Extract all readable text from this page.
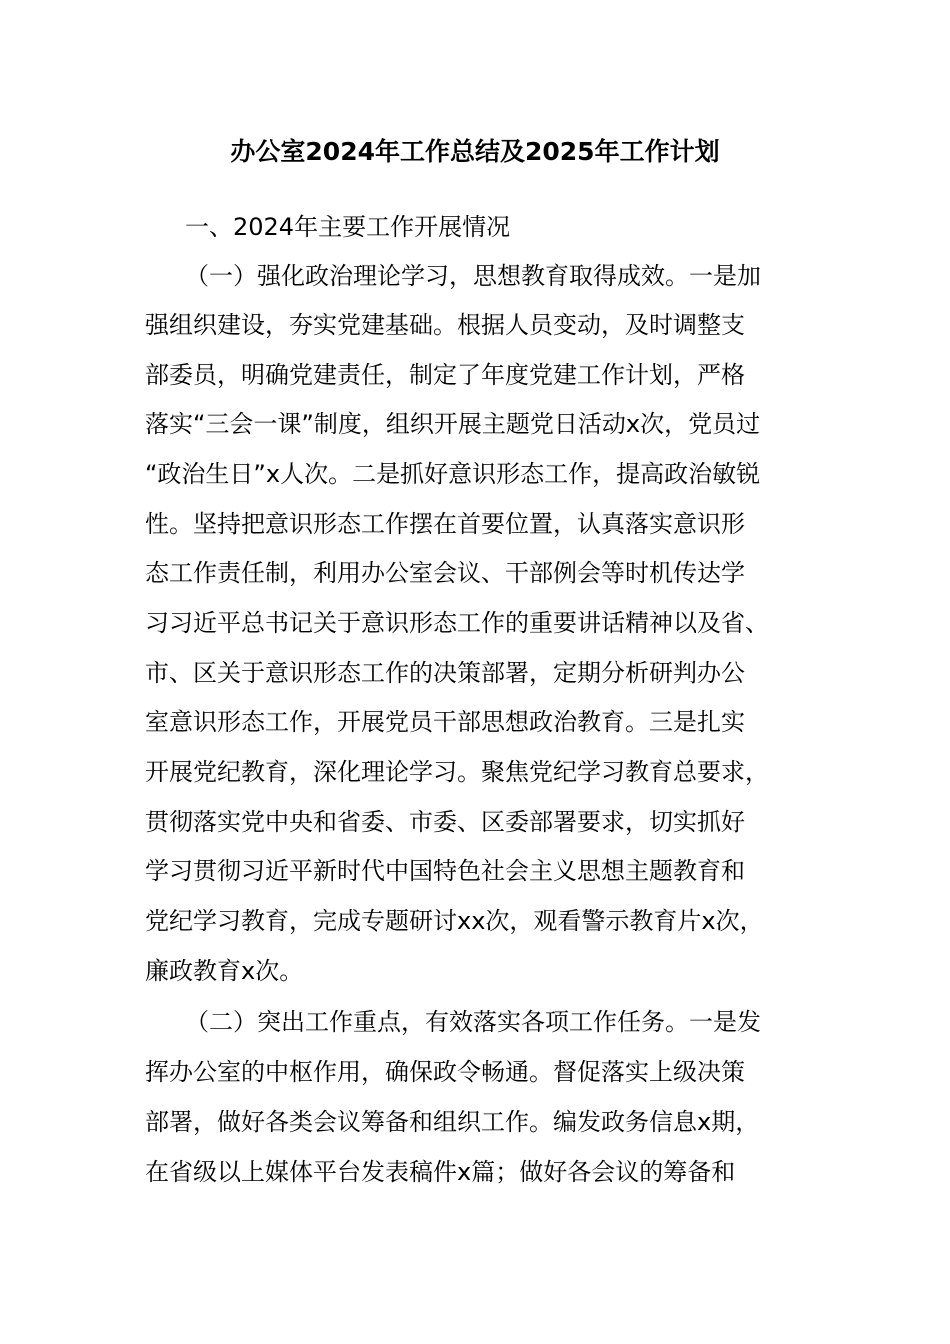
办公室2024年工作总结及2025年工作计划
一、2024年主要工作开展情况
（一）强化政治理论学习，思想教育取得成效。一是加
强组织建设，夯实党建基础。根据人员变动，及时调整支
部委员，明确党建责任，制定了年度党建工作计划，严格
落实“三会一课”制度，组织开展主题党日活动x次，党员过
“政治生日”x人次。二是抓好意识形态工作，提高政治敏锐
性。坚持把意识形态工作摆在首要位置，认真落实意识形
态工作责任制，利用办公室会议、干部例会等时机传达学
习习近平总书记关于意识形态工作的重要讲话精神以及省、
市、区关于意识形态工作的决策部署，定期分析研判办公
室意识形态工作，开展党员干部思想政治教育。三是扎实
开展党纪教育，深化理论学习。聚焦党纪学习教育总要求，
贯彻落实党中央和省委、市委、区委部署要求，切实抓好
学习贯彻习近平新时代中国特色社会主义思想主题教育和
党纪学习教育，完成专题研讨xx次，观看警示教育片x次，
廉政教育x次。
（二）突出工作重点，有效落实各项工作任务。一是发
挥办公室的中枢作用，确保政令畅通。督促落实上级决策
部署，做好各类会议筹备和组织工作。编发政务信息x期，
在省级以上媒体平台发表稿件x篇；做好各会议的筹备和
